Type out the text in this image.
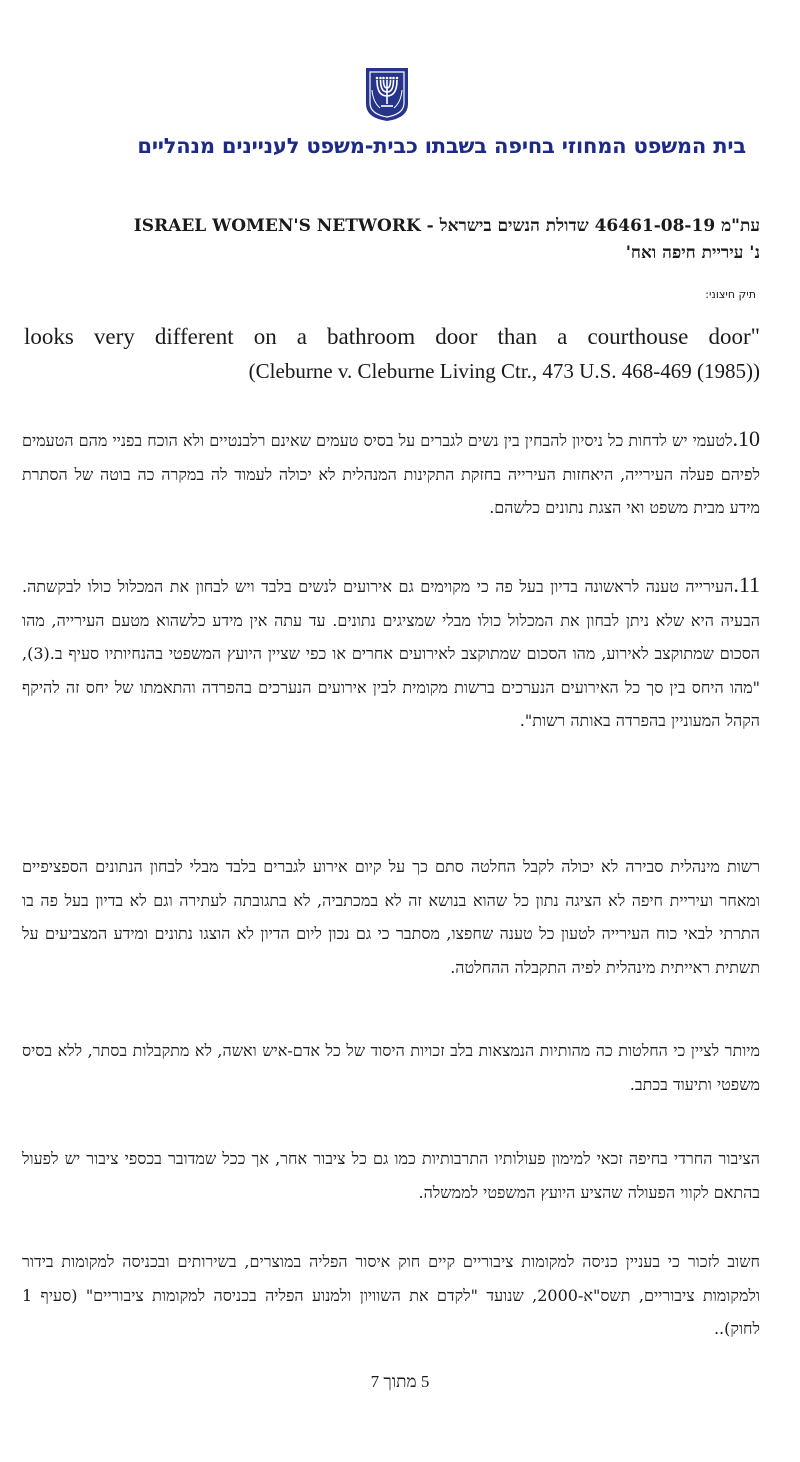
בית המשפט המחוזי בחיפה בשבתו כבית-משפט לעניינים מנהליים
עת"מ 46461-08-19 שדולת הנשים בישראל - ISRAEL WOMEN'S NETWORK
נ' עיריית חיפה ואח'
תיק חיצוני:
looks very different on a bathroom door than a courthouse door"
(Cleburne v. Cleburne Living Ctr., 473 U.S. 468-469 (1985))
10.לטעמי יש לדחות כל ניסיון להבחין בין נשים לגברים על בסיס טעמים שאינם רלבנטיים ולא הוכח בפניי מהם הטעמים לפיהם פעלה העירייה, היאחזות העירייה בחזקת התקינות המנהלית לא יכולה לעמוד לה במקרה כה בוטה של הסתרת מידע מבית משפט ואי הצגת נתונים כלשהם.
11.העירייה טענה לראשונה בדיון בעל פה כי מקוימים גם אירועים לנשים בלבד ויש לבחון את המכלול כולו לבקשתה. הבעיה היא שלא ניתן לבחון את המכלול כולו מבלי שמציגים נתונים. עד עתה אין מידע כלשהוא מטעם העירייה, מהו הסכום שמתוקצב לאירוע, מהו הסכום שמתוקצב לאירועים אחרים או כפי שציין היועץ המשפטי בהנחיותיו סעיף ב.(3), "מהו היחס בין סך כל האירועים הנערכים ברשות מקומית לבין אירועים הנערכים בהפרדה והתאמתו של יחס זה להיקף הקהל המעוניין בהפרדה באותה רשות".
רשות מינהלית סבירה לא יכולה לקבל החלטה סתם כך על קיום אירוע לגברים בלבד מבלי לבחון הנתונים הספציפיים ומאחר ועיריית חיפה לא הציגה נתון כל שהוא בנושא זה לא במכתביה, לא בתגובתה לעתירה וגם לא בדיון בעל פה בו התרתי לבאי כוח העירייה לטעון כל טענה שחפצו, מסתבר כי גם נכון ליום הדיון לא הוצגו נתונים ומידע המצביעים על תשתית ראייתית מינהלית לפיה התקבלה ההחלטה.
מיותר לציין כי החלטות כה מהותיות הנמצאות בלב זכויות היסוד של כל אדם-איש ואשה, לא מתקבלות בסתר, ללא בסיס משפטי ותיעוד בכתב.
הציבור החרדי בחיפה זכאי למימון פעולותיו התרבותיות כמו גם כל ציבור אחר, אך ככל שמדובר בכספי ציבור יש לפעול בהתאם לקווי הפעולה שהציע היועץ המשפטי לממשלה.
חשוב לזכור כי בעניין כניסה למקומות ציבוריים קיים חוק איסור הפליה במוצרים, בשירותים ובכניסה למקומות בידור ולמקומות ציבוריים, תשס"א-2000, שנועד "לקדם את השוויון ולמנוע הפליה בכניסה למקומות ציבוריים" (סעיף 1 לחוק)..
5 מתוך 7
